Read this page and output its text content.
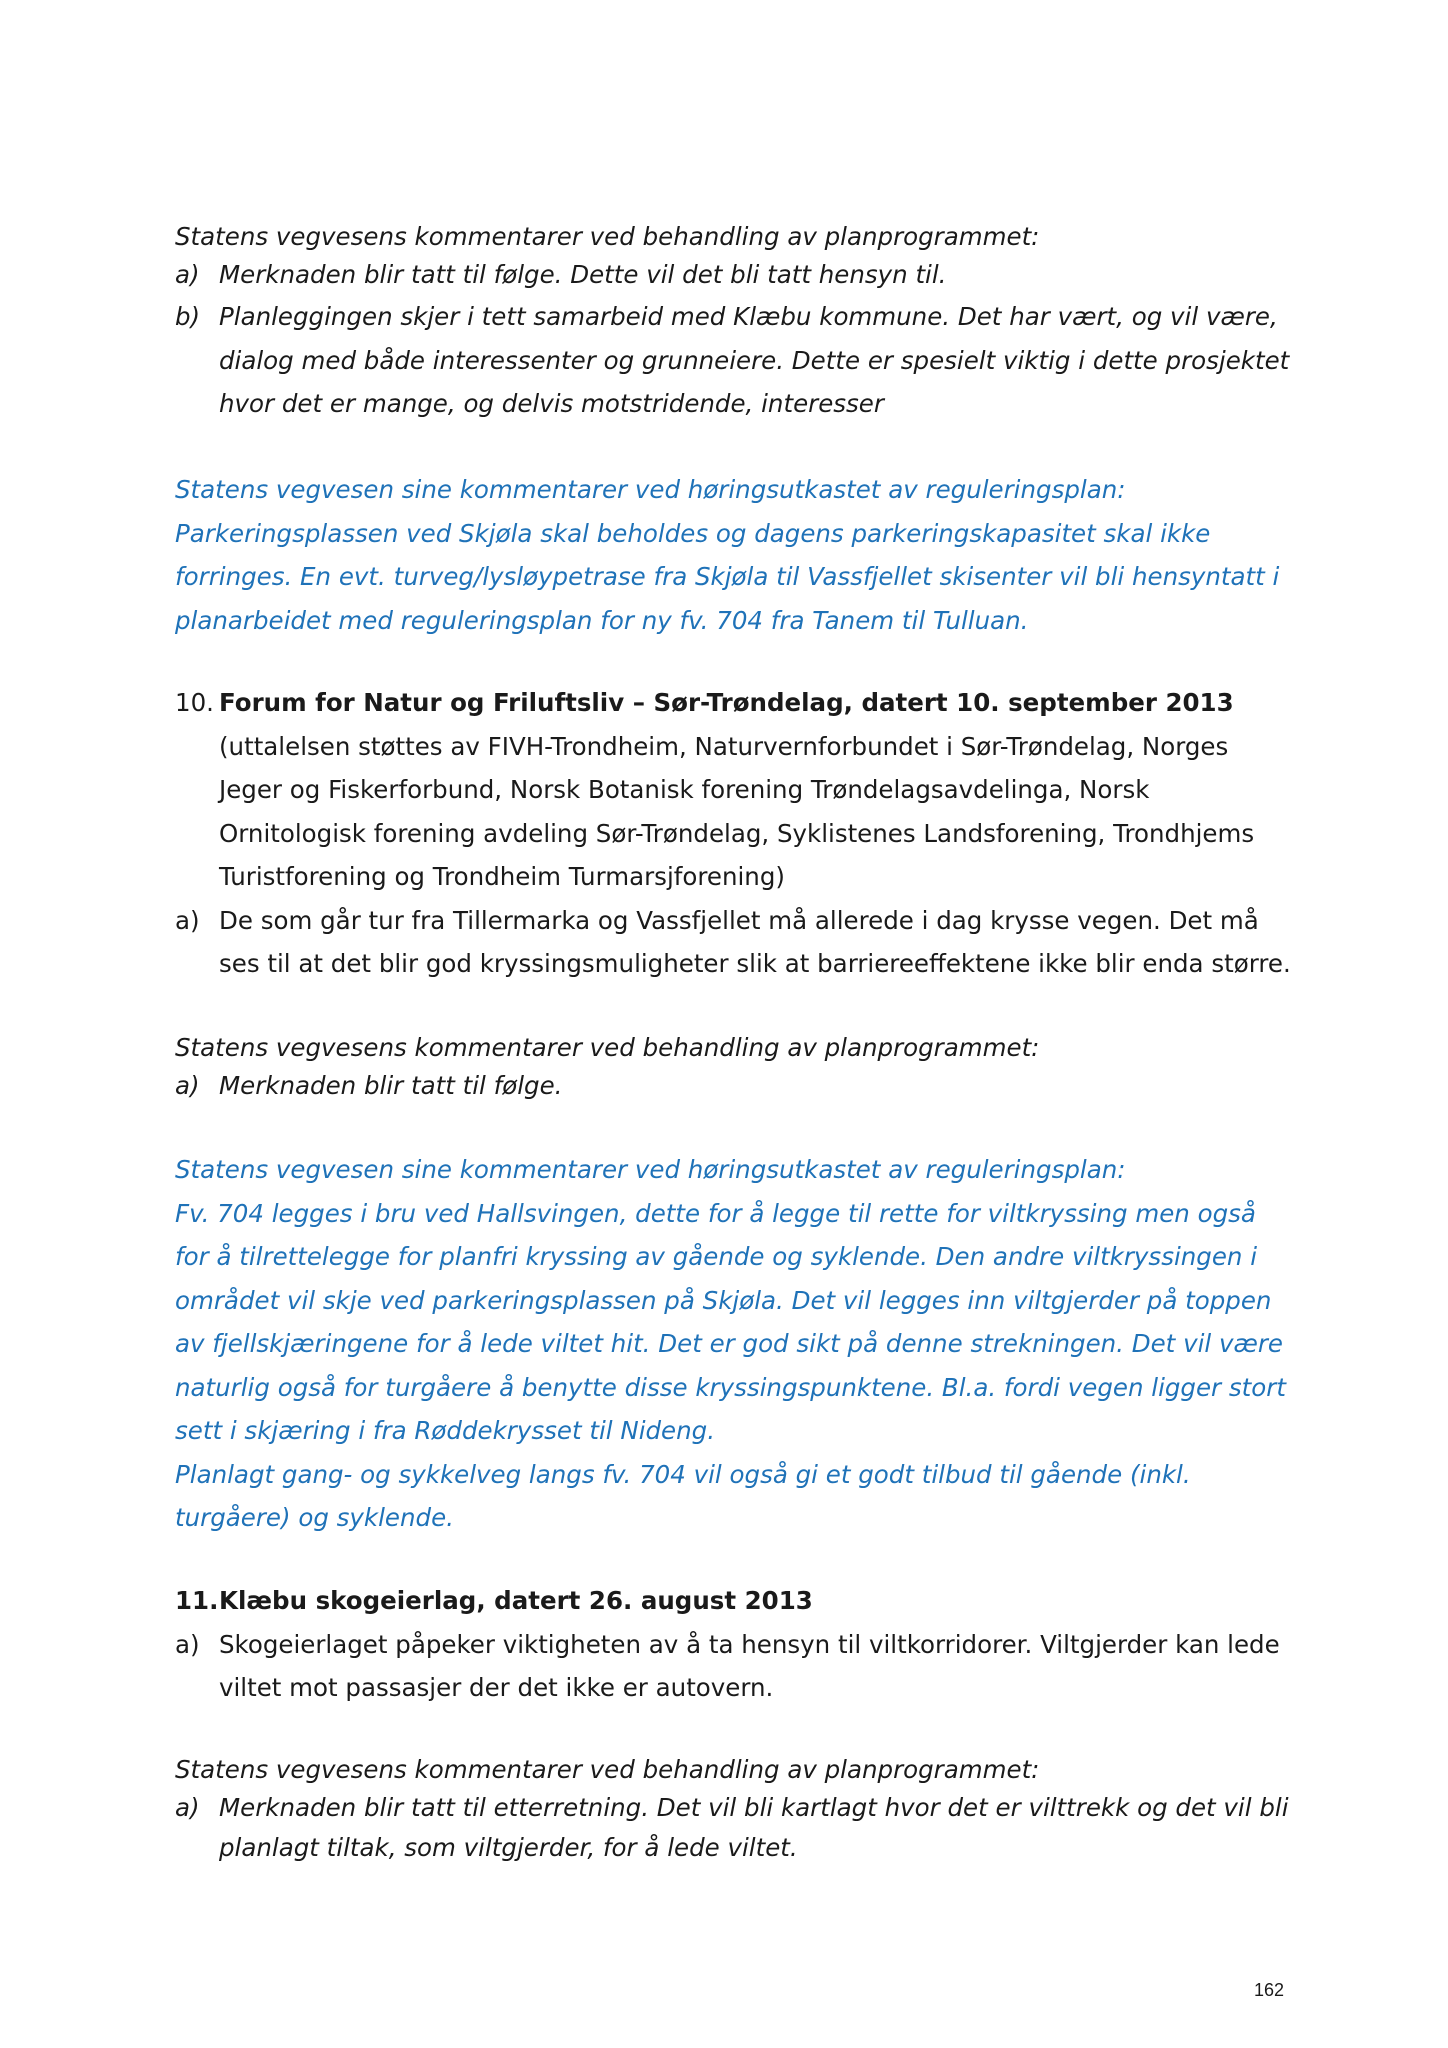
Statens vegvesens kommentarer ved behandling av planprogrammet:

a) Merknaden blir tatt til følge. Dette vil det bli tatt hensyn til.
b) Planleggingen skjer i tett samarbeid med Klæbu kommune. Det har vært, og vil være, dialog med både interessenter og grunneiere. Dette er spesielt viktig i dette prosjektet hvor det er mange, og delvis motstridende, interesser

Statens vegvesen sine kommentarer ved høringsutkastet av reguleringsplan:

Parkeringsplassen ved Skjøla skal beholdes og dagens parkeringskapasitet skal ikke forringes. En evt. turveg/lysløypetrase fra Skjøla til Vassfjellet skisenter vil bli hensyntatt i planarbeidet med reguleringsplan for ny fv. 704 fra Tanem til Tulluan.

10. Forum for Natur og Friluftsliv – Sør-Trøndelag, datert 10. september 2013 (uttalelsen støttes av FIVH-Trondheim, Naturvernforbundet i Sør-Trøndelag, Norges Jeger og Fiskerforbund, Norsk Botanisk forening Trøndelagsavdelinga, Norsk Ornitologisk forening avdeling Sør-Trøndelag, Syklistenes Landsforening, Trondhjems Turistforening og Trondheim Turmarsjforening)
a) De som går tur fra Tillermarka og Vassfjellet må allerede i dag krysse vegen. Det må ses til at det blir god kryssingsmuligheter slik at barriereeffektene ikke blir enda større.

Statens vegvesens kommentarer ved behandling av planprogrammet:

a) Merknaden blir tatt til følge.

Statens vegvesen sine kommentarer ved høringsutkastet av reguleringsplan:

Fv. 704 legges i bru ved Hallsvingen, dette for å legge til rette for viltkryssing men også for å tilrettelegge for planfri kryssing av gående og syklende. Den andre viltkryssingen i området vil skje ved parkeringsplassen på Skjøla. Det vil legges inn viltgjerder på toppen av fjellskjæringene for å lede viltet hit. Det er god sikt på denne strekningen. Det vil være naturlig også for turgåere å benytte disse kryssingspunktene. Bl.a. fordi vegen ligger stort sett i skjæring i fra Røddekrysset til Nideng.

Planlagt gang- og sykkelveg langs fv. 704 vil også gi et godt tilbud til gående (inkl. turgåere) og syklende.

11. Klæbu skogeierlag, datert 26. august 2013
a) Skogeierlaget påpeker viktigheten av å ta hensyn til viltkorridorer. Viltgjerder kan lede viltet mot passasjer der det ikke er autovern.

Statens vegvesens kommentarer ved behandling av planprogrammet:

a) Merknaden blir tatt til etterretning. Det vil bli kartlagt hvor det er vilttrekk og det vil bli planlagt tiltak, som viltgjerder, for å lede viltet.
162
